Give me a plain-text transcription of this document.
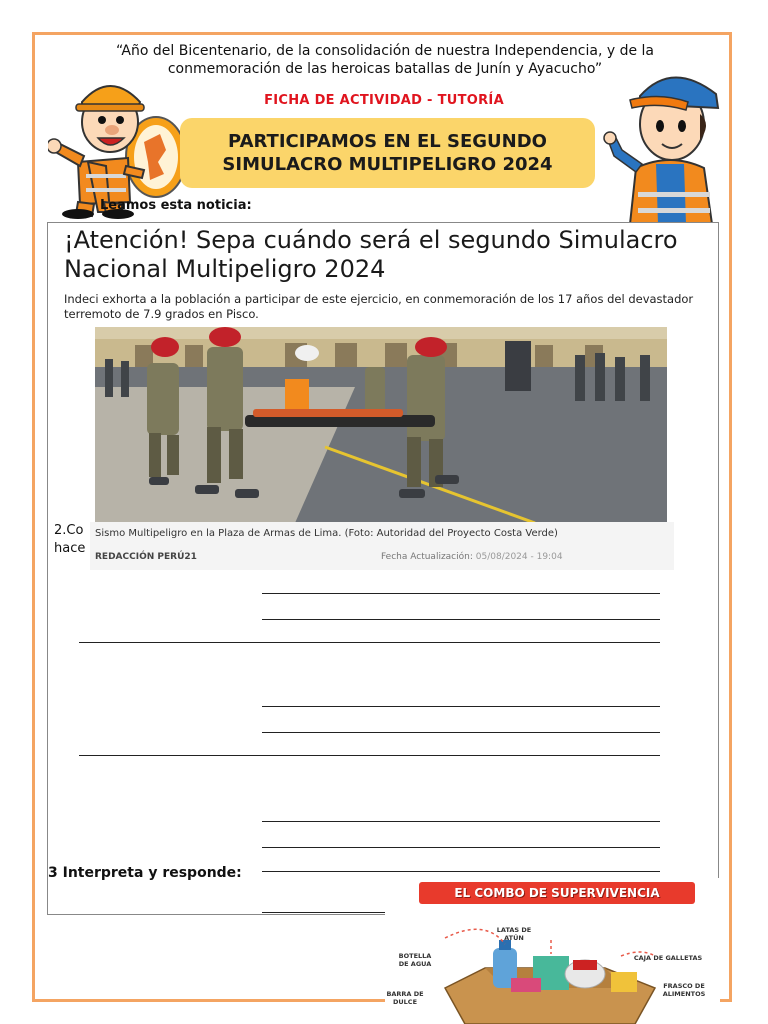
“Año del Bicentenario, de la consolidación de nuestra Independencia, y de la conmemoración de las heroicas batallas de Junín y Ayacucho”
FICHA DE ACTIVIDAD - TUTORÍA
PARTICIPAMOS EN EL SEGUNDO SIMULACRO MULTIPELIGRO 2024
Leamos esta noticia:
¡Atención! Sepa cuándo será el segundo Simulacro Nacional Multipeligro 2024
Indeci exhorta a la población a participar de este ejercicio, en conmemoración de los 17 años del devastador terremoto de 7.9 grados en Pisco.
Sismo Multipeligro en la Plaza de Armas de Lima. (Foto: Autoridad del Proyecto Costa Verde)
REDACCIÓN PERÚ21	Fecha Actualización: 05/08/2024 - 19:04
2.Co hace
3 Interpreta y responde:
EL COMBO DE SUPERVIVENCIA
LATAS DE ATÚN
BOTELLA DE AGUA
CAJA DE GALLETAS
FRASCO DE ALIMENTOS
BARRA DE DULCE
